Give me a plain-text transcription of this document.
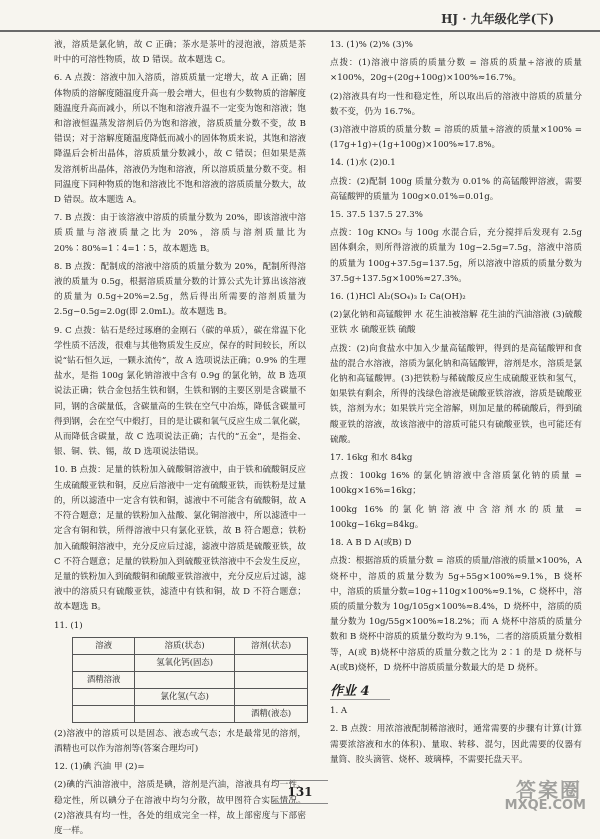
HJ · 九年级化学(下)

液，溶质是氯化钠，故 C 正确；茶水是茶叶的浸泡液，溶质是茶叶中的可溶性物质，故 D 错误。故本题选 C。

6. A 点拨：溶液中加入溶质，溶质质量一定增大，故 A 正确；固体物质的溶解度随温度升高一般会增大，但也有少数物质的溶解度随温度升高而减小，所以不饱和溶液升温不一定变为饱和溶液；饱和溶液恒温蒸发溶剂后仍为饱和溶液，溶质质量分数不变，故 B 错误；对于溶解度随温度降低而减小的固体物质来说，其饱和溶液降温后会析出晶体，溶质质量分数减小，故 C 错误；但如果是蒸发溶剂析出晶体，溶液仍为饱和溶液，所以溶质质量分数不变。相同温度下同种物质的饱和溶液比不饱和溶液的溶质质量分数大，故 D 错误。故本题选 A。

7. B 点拨：由于该溶液中溶质的质量分数为 20%，即该溶液中溶质质量与溶液质量之比为 20%，溶质与溶剂质量比为 20%∶80%=1∶4=1∶5，故本题选 B。

8. B 点拨：配制成的溶液中溶质的质量分数为 20%，配制所得溶液的质量为 0.5g，根据溶质质量分数的计算公式先计算出该溶液的质量为 0.5g÷20%=2.5g，然后得出所需要的溶剂质量为 2.5g−0.5g=2.0g(即 2.0mL)。故本题选 B。

9. C 点拨：钻石是经过琢磨的金刚石（碳的单质），碳在常温下化学性质不活泼，很难与其他物质发生反应，保存的时间较长，所以说“钻石恒久远，一颗永流传”，故 A 选项说法正确；0.9% 的生理盐水，是指 100g 氯化钠溶液中含有 0.9g 的氯化钠，故 B 选项说法正确；铁合金包括生铁和钢，生铁和钢的主要区别是含碳量不同，钢的含碳量低，含碳量高的生铁在空气中冶炼，降低含碳量可得到钢，会在空气中煅打，目的是让碳和氧气反应生成二氧化碳，从而降低含碳量，故 C 选项说法正确；古代的“五金”，是指金、银、铜、铁、锡，故 D 选项说法错误。

10. B 点拨：足量的铁粉加入硫酸铜溶液中，由于铁和硫酸铜反应生成硫酸亚铁和铜，反应后溶液中一定有硫酸亚铁，而铁粉是过量的，所以滤渣中一定含有铁和铜，滤液中不可能含有硫酸铜，故 A 不符合题意；足量的铁粉加入盐酸、氯化铜溶液中，所以滤渣中一定含有铜和铁，所得溶液中只有氯化亚铁，故 B 符合题意；铁粉加入硫酸铜溶液中，充分反应后过滤，滤液中溶质是硫酸亚铁，故 C 不符合题意；足量的铁粉加入到硫酸亚铁溶液中不会发生反应，足量的铁粉加入到硫酸铜和硫酸亚铁溶液中，充分反应后过滤，滤液中的溶质只有硫酸亚铁，滤渣中有铁和铜，故 D 不符合题意；故本题选 B。

11. (1)

溶液	溶质(状态)	溶剂(状态)
	氢氧化钙(固态)	
酒精溶液		
	氯化氢(气态)	
		酒精(液态)

(2)溶液中的溶质可以是固态、液态或气态；水是最常见的溶剂，酒精也可以作为溶剂等(答案合理均可)

12. (1)碘 汽油 甲 (2)=

(2)碘的汽油溶液中，溶质是碘，溶剂是汽油，溶液具有均一性、稳定性，所以碘分子在溶液中均匀分散，故甲图符合实际情况。(2)溶液具有均一性，各处的组成完全一样，故上部密度与下部密度一样。

13. (1)% (2)% (3)%

点拨：(1)溶液中溶质的质量分数 = 溶质的质量÷溶液的质量×100%，20g÷(20g+100g)×100%≈16.7%。

(2)溶液具有均一性和稳定性，所以取出后的溶液中溶质的质量分数不变，仍为 16.7%。

(3)溶液中溶质的质量分数 = 溶质的质量÷溶液的质量×100% = (17g+1g)÷(1g+100g)×100%≈17.8%。

14. (1)水 (2)0.1

点拨：(2)配制 100g 质量分数为 0.01% 的高锰酸钾溶液，需要高锰酸钾的质量为 100g×0.01%=0.01g。

15. 37.5 137.5 27.3%

点拨：10g KNO₃ 与 100g 水混合后，充分搅拌后发现有 2.5g 固体剩余，则所得溶液的质量为 10g−2.5g=7.5g，溶液中溶质的质量为 100g+37.5g=137.5g，所以溶液中溶质的质量分数为 37.5g÷137.5g×100%≈27.3%。

16. (1)HCl Al₂(SO₄)₃ I₂ Ca(OH)₂

(2)氯化钠和高锰酸钾 水 花生油被溶解 花生油的汽油溶液 (3)硫酸亚铁 水 硫酸亚铁 硫酸

点拨：(2)向食盐水中加入少量高锰酸钾，得到的是高锰酸钾和食盐的混合水溶液，溶质为氯化钠和高锰酸钾，溶剂是水，溶质是氯化钠和高锰酸钾。(3)把铁粉与稀硫酸反应生成硫酸亚铁和氢气，如果铁有剩余，所得的浅绿色溶液是硫酸亚铁溶液，溶质是硫酸亚铁，溶剂为水；如果铁片完全溶解，则加足量的稀硫酸后，得到硫酸亚铁的溶液，故该溶液中的溶质可能只有硫酸亚铁，也可能还有硫酸。

17. 16kg 和水 84kg

点拨：100kg 16% 的氯化钠溶液中含溶质氯化钠的质量 = 100kg×16%=16kg；

100kg 16% 的氯化钠溶液中含溶剂水的质量 = 100kg−16kg=84kg。

18. A B D A(或B) D

点拨：根据溶质的质量分数 = 溶质的质量/溶液的质量×100%，A 烧杯中，溶质的质量分数为 5g÷55g×100%≈9.1%，B 烧杯中，溶质的质量分数=10g÷110g×100%≈9.1%，C 烧杯中，溶质的质量分数为 10g/105g×100%≈8.4%，D 烧杯中，溶质的质量分数为 10g/55g×100%≈18.2%；而 A 烧杯中溶质的质量分数和 B 烧杯中溶质的质量分数均为 9.1%，二者的溶质质量分数相等，A(或 B)烧杯中溶质的质量分数之比为 2∶1 的是 D 烧杯与 A(或B)烧杯，D 烧杯中溶质质量分数最大的是 D 烧杯。

作业 4

1. A

2. B 点拨：用浓溶液配制稀溶液时，通常需要的步骤有计算(计算需要浓溶液和水的体积)、量取、转移、混匀，因此需要的仪器有量筒、胶头滴管、烧杯、玻璃棒，不需要托盘天平。

131	答案圈
MXQE.COM
